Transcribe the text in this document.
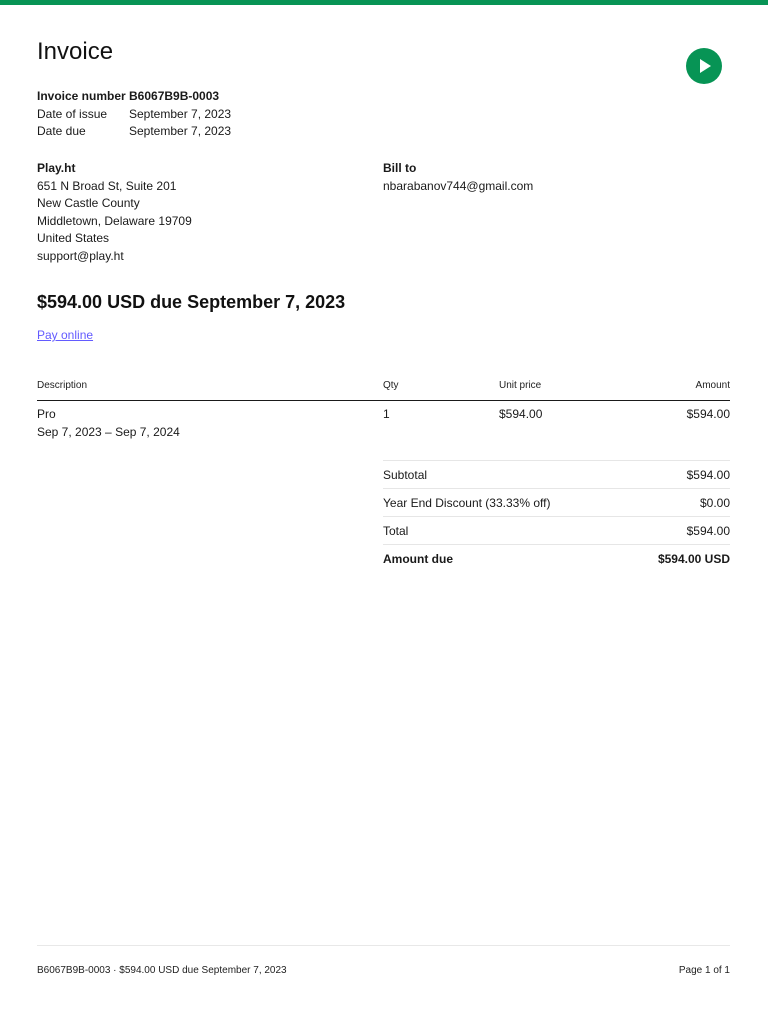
Invoice
Invoice number B6067B9B-0003
Date of issue	September 7, 2023
Date due	September 7, 2023
Play.ht
651 N Broad St, Suite 201
New Castle County
Middletown, Delaware 19709
United States
support@play.ht
Bill to
nbarabanov744@gmail.com
$594.00 USD due September 7, 2023
Pay online
Description	Qty	Unit price	Amount
Pro
Sep 7, 2023 – Sep 7, 2024
1	$594.00	$594.00
Subtotal	$594.00
Year End Discount (33.33% off)	$0.00
Total	$594.00
Amount due	$594.00 USD
B6067B9B-0003 · $594.00 USD due September 7, 2023	Page 1 of 1
